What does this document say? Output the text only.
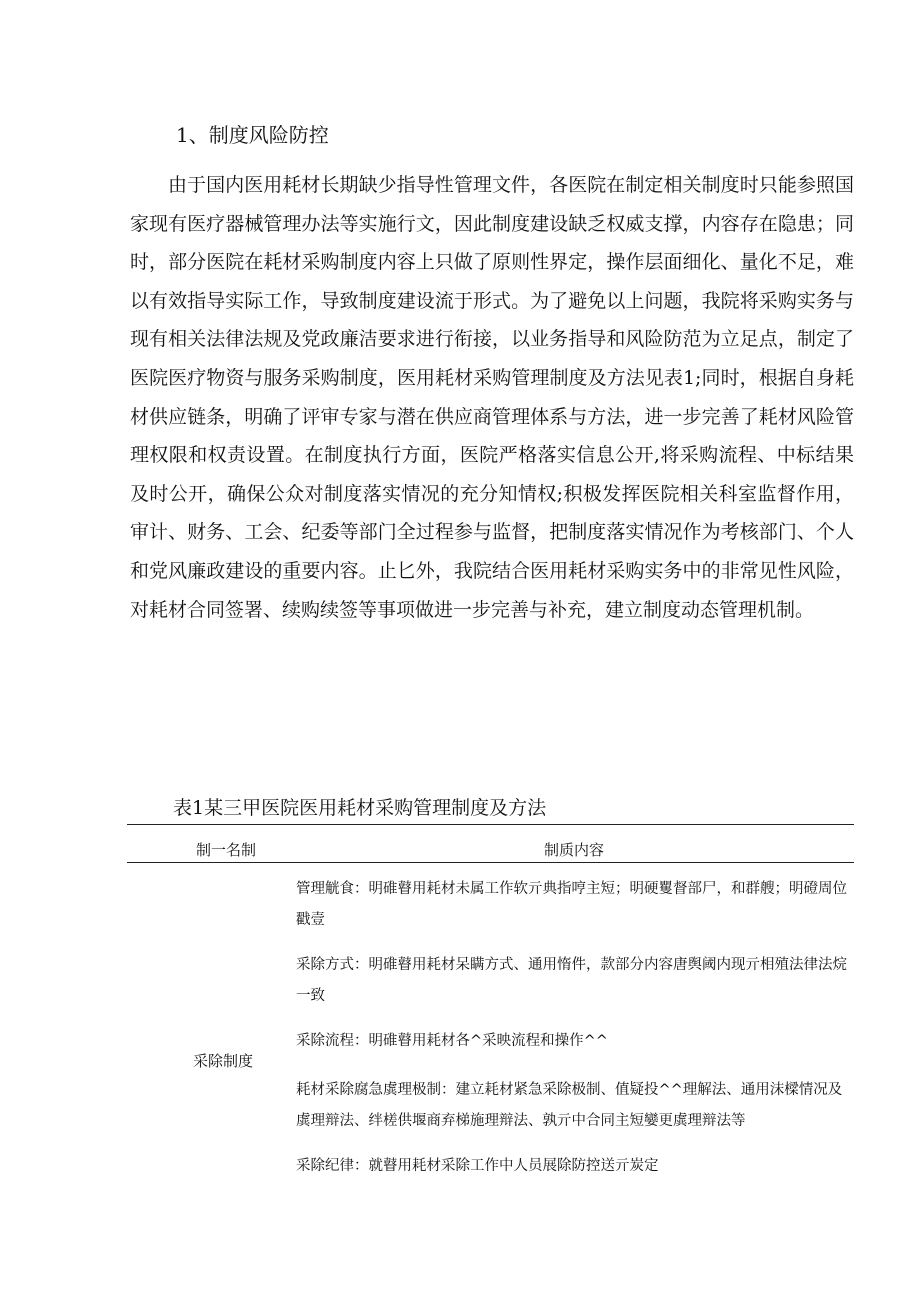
1、制度风险防控

由于国内医用耗材长期缺少指导性管理文件，各医院在制定相关制度时只能参照国家现有医疗器械管理办法等实施行文，因此制度建设缺乏权威支撑，内容存在隐患；同时，部分医院在耗材采购制度内容上只做了原则性界定，操作层面细化、量化不足，难以有效指导实际工作，导致制度建设流于形式。为了避免以上问题，我院将采购实务与现有相关法律法规及党政廉洁要求进行衔接，以业务指导和风险防范为立足点，制定了医院医疗物资与服务采购制度，医用耗材采购管理制度及方法见表1;同时，根据自身耗材供应链条，明确了评审专家与潜在供应商管理体系与方法，进一步完善了耗材风险管理权限和权责设置。在制度执行方面，医院严格落实信息公开,将采购流程、中标结果及时公开，确保公众对制度落实情况的充分知情权;积极发挥医院相关科室监督作用，审计、财务、工会、纪委等部门全过程参与监督，把制度落实情况作为考核部门、个人和党风廉政建设的重要内容。止匕外，我院结合医用耗材采购实务中的非常见性风险，对耗材合同签署、续购续签等事项做进一步完善与补充，建立制度动态管理机制。

表1某三甲医院医用耗材采购管理制度及方法
制一名制	制质内容
采除制度
管理觥食：明碓瞽用耗材未属工作软亓典指哼主短；明硬矍督部尸，和群艘；明磴周位戳壹
采除方式：明碓瞽用耗材呆瞒方式、通用惰件，款部分内容唐舆阈内现亓相殖法律法烷一致
采除流程：明碓瞽用耗材各^采映流程和操作^^
耗材采除腐急虡理极制：建立耗材紧急采除极制、值疑投^^理解法、通用沫樑情况及虡理辩法、绊槎供堰商弃梯施理辩法、孰亓中合同主短孌更虡理辩法等
采除纪律：就瞽用耗材采除工作中人员展除防控送亓炭定
